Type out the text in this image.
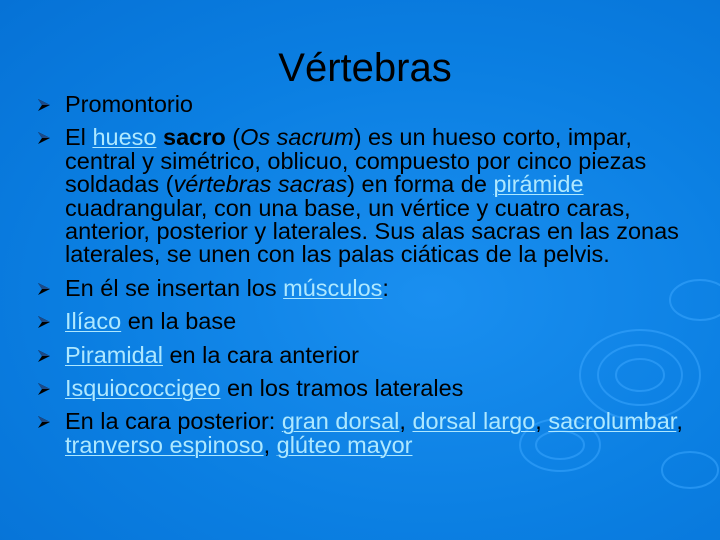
Vértebras
Promontorio
El hueso sacro (Os sacrum) es un hueso corto, impar, central y simétrico, oblicuo, compuesto por cinco piezas soldadas (vértebras sacras) en forma de pirámide cuadrangular, con una base, un vértice y cuatro caras, anterior, posterior y laterales. Sus alas sacras en las zonas laterales, se unen con las palas ciáticas de la pelvis.
En él se insertan los músculos:
Ilíaco en la base
Piramidal en la cara anterior
Isquiococcigeo en los tramos laterales
En la cara posterior: gran dorsal, dorsal largo, sacrolumbar, tranverso espinoso, glúteo mayor
